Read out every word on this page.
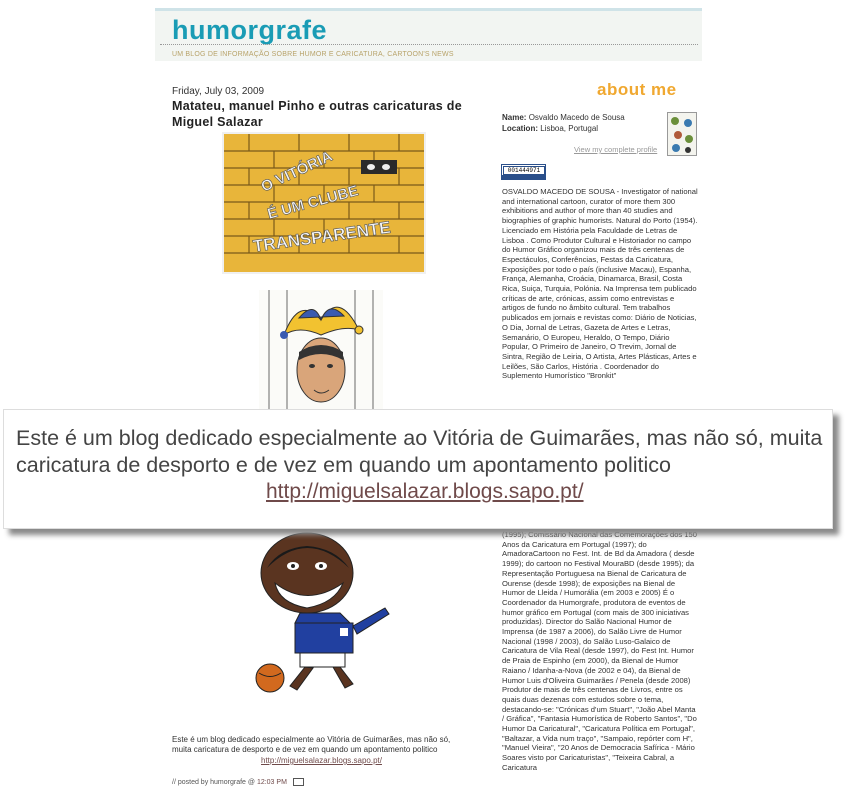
humorgrafe
UM BLOG DE INFORMAÇÃO SOBRE HUMOR E CARICATURA, CARTOON'S NEWS
Friday, July 03, 2009
Matateu, manuel Pinho e outras caricaturas de Miguel Salazar
O VITÓRIA
É UM CLUBE
TRANSPARENTE
Este é um blog dedicado especialmente ao Vitória de Guimarães, mas não só, muita caricatura de desporto e de vez em quando um apontamento politico
http://miguelsalazar.blogs.sapo.pt/
// posted by humorgrafe @ 12:03 PM
about me
Name: Osvaldo Macedo de Sousa
Location: Lisboa, Portugal
View my complete profile
001444971
OSVALDO MACEDO DE SOUSA - Investigator of national and international cartoon, curator of more them 300 exhibitions and author of more than 40 studies and biographies of graphic humorists. Natural do Porto (1954). Licenciado em História pela Faculdade de Letras de Lisboa . Como Produtor Cultural e Historiador no campo do Humor Gráfico organizou mais de três centenas de Espectáculos, Conferências, Festas da Caricatura, Exposições por todo o país (inclusive Macau), Espanha, França, Alemanha, Croácia, Dinamarca, Brasil, Costa Rica, Suiça, Turquia, Polónia. Na Imprensa tem publicado críticas de arte, crónicas, assim como entrevistas e artigos de fundo no âmbito cultural. Tem trabalhos publicados em jornais e revistas como: Diário de Noticias, O Dia, Jornal de Letras, Gazeta de Artes e Letras, Semanário, O Europeu, Heraldo, O Tempo, Diário Popular, O Primeiro de Janeiro, O Trevim, Jornal de Sintra, Região de Leiria, O Artista, Artes Plásticas, Artes e Leilões, São Carlos, História . Coordenador do Suplemento Humorístico "Bronkit"
(1995); Comissário Nacional das Comemorações dos 150 Anos da Caricatura em Portugal (1997); do AmadoraCartoon no Fest. Int. de Bd da Amadora ( desde 1999); do cartoon no Festival MouraBD (desde 1995); da Representação Portuguesa na Bienal de Caricatura de Ourense (desde 1998); de exposições na Bienal de Humor de Lleida / Humorália (em 2003 e 2005) É o Coordenador da Humorgrafe, produtora de eventos de humor gráfico em Portugal (com mais de 300 iniciativas produzidas). Director do Salão Nacional Humor de Imprensa (de 1987 a 2006), do Salão Livre de Humor Nacional (1998 / 2003), do Salão Luso-Galaico de Caricatura de Vila Real (desde 1997), do Fest Int. Humor de Praia de Espinho (em 2000), da Bienal de Humor Raiano / Idanha-a-Nova (de 2002 e 04), da Bienal de Humor Luis d'Oliveira Guimarães / Penela (desde 2008) Produtor de mais de três centenas de Livros, entre os quais duas dezenas com estudos sobre o tema, destacando-se: "Crónicas d'um Stuart", "João Abel Manta / Gráfica", "Fantasia Humorística de Roberto Santos", "Do Humor Da Caricatural", "Caricatura Política em Portugal", "Baltazar, a Vida num traço", "Sampaio, repórter com H", "Manuel Vieira", "20 Anos de Democracia Safírica - Mário Soares visto por Caricaturistas", "Teixeira Cabral, a Caricatura
Este é um blog dedicado especialmente ao Vitória de Guimarães, mas não só, muita caricatura de desporto e de vez em quando um apontamento politico
http://miguelsalazar.blogs.sapo.pt/
